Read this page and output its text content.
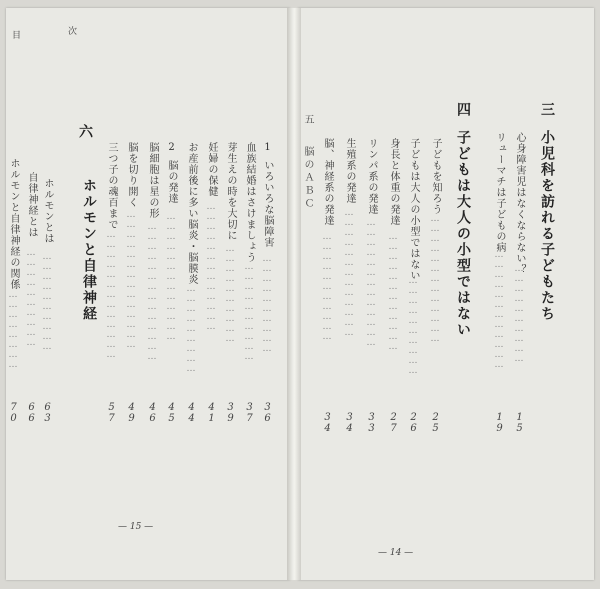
目	次
六
ホルモンと自律神経
ホルモンとは
…………………………
63
自律神経とは
…………………………
66
ホルモンと自律神経の関係
……………………
70
1
いろいろな脳障害
…………………………
36
血族結婚はさけましょう
…………………………
37
芽生えの時を大切に
…………………………
39
妊婦の保健
…………………………………
41
お産前後に多い脳炎・脳膜炎
………………………
44
2
脳の発達
…………………………………
45
脳細胞は星の形
……………………………………
46
脳を切り開く
……………………………………
49
三つ子の魂百まで
…………………………………
57
— 15 —
三
小児科を訪れる子どもたち
心身障害児はなくならない？
…………………………
15
リューマチは子どもの病
………………………………
19
四
子どもは大人の小型ではない
子どもを知ろう
…………………………………
25
子どもは大人の小型ではない
…………………………
26
身長と体重の発達
………………………………
27
リンパ系の発達
…………………………………
33
生殖系の発達
…………………………………
34
脳、神経系の発達
……………………………
34
五
脳のＡＢＣ
— 14 —
